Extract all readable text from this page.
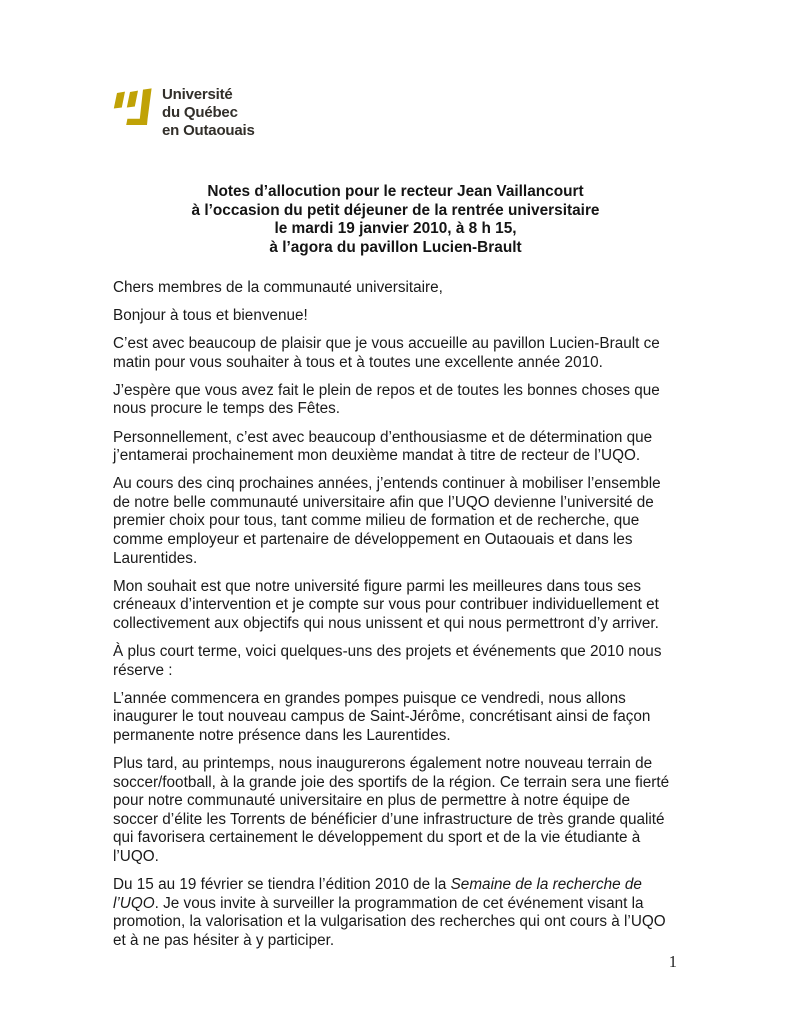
Université
du Québec
en Outaouais
Notes d’allocution pour le recteur Jean Vaillancourt
à l’occasion du petit déjeuner de la rentrée universitaire
le mardi 19 janvier 2010, à 8 h 15,
à l’agora du pavillon Lucien-Brault

Chers membres de la communauté universitaire,

Bonjour à tous et bienvenue!

C’est avec beaucoup de plaisir que je vous accueille au pavillon Lucien-Brault ce matin pour vous souhaiter à tous et à toutes une excellente année 2010.

J’espère que vous avez fait le plein de repos et de toutes les bonnes choses que nous procure le temps des Fêtes.

Personnellement, c’est avec beaucoup d’enthousiasme et de détermination que j’entamerai prochainement mon deuxième mandat à titre de recteur de l’UQO.

Au cours des cinq prochaines années, j’entends continuer à mobiliser l’ensemble de notre belle communauté universitaire afin que l’UQO devienne l’université de premier choix pour tous, tant comme milieu de formation et de recherche, que comme employeur et partenaire de développement en Outaouais et dans les Laurentides.

Mon souhait est que notre université figure parmi les meilleures dans tous ses créneaux d’intervention et je compte sur vous pour contribuer individuellement et collectivement aux objectifs qui nous unissent et qui nous permettront d’y arriver.

À plus court terme, voici quelques-uns des projets et événements que 2010 nous réserve :

L’année commencera en grandes pompes puisque ce vendredi, nous allons inaugurer le tout nouveau campus de Saint-Jérôme, concrétisant ainsi de façon permanente notre présence dans les Laurentides.

Plus tard, au printemps, nous inaugurerons également notre nouveau terrain de soccer/football, à la grande joie des sportifs de la région. Ce terrain sera une fierté pour notre communauté universitaire en plus de permettre à notre équipe de soccer d’élite les Torrents de bénéficier d’une infrastructure de très grande qualité qui favorisera certainement le développement du sport et de la vie étudiante à l’UQO.

Du 15 au 19 février se tiendra l’édition 2010 de la Semaine de la recherche de l’UQO. Je vous invite à surveiller la programmation de cet événement visant la promotion, la valorisation et la vulgarisation des recherches qui ont cours à l’UQO et à ne pas hésiter à y participer.

1
